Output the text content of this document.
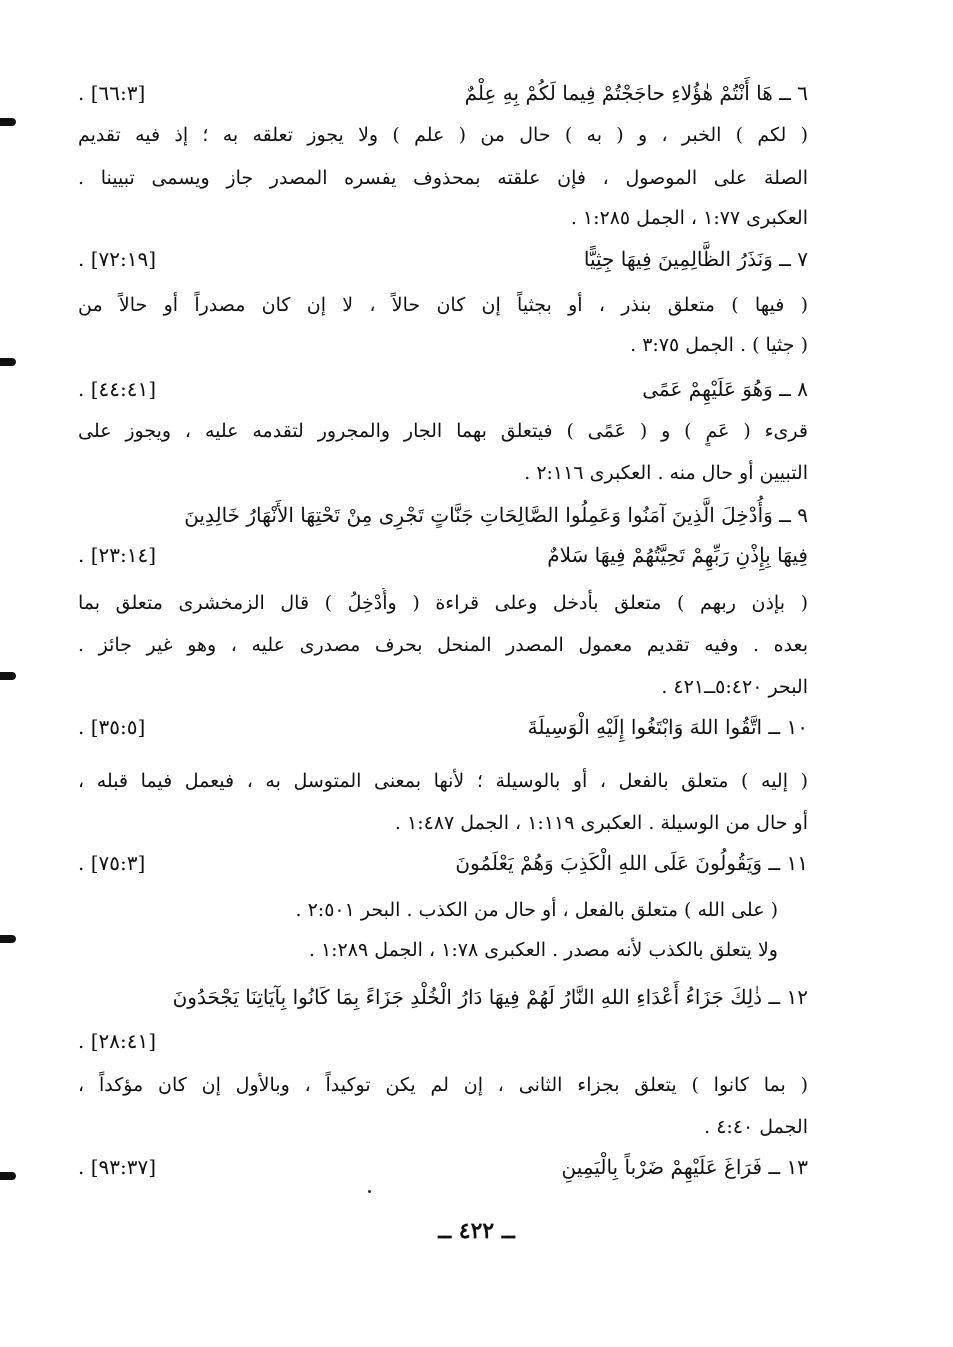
٦ ــ هَا أَنْتُمْ هٰؤُلاءِ حاجَجْتُمْ فِيما لَكُمْ بِهِ عِلْمٌ
. [٦٦:٣]
( لكم ) الخبر ، و ( به ) حال من ( علم ) ولا يجوز تعلقه به ؛ إذ فيه تقديم
الصلة على الموصول ، فإن علقته بمحذوف يفسره المصدر جاز ويسمى تبيينا .
العكبرى ١:٧٧ ، الجمل ١:٢٨٥ .
٧ ــ وَنَذَرُ الظَّالِمِينَ فِيهَا جِثِيًّا
. [٧٢:١٩]
( فيها ) متعلق بنذر ، أو بجثياً إن كان حالاً ، لا إن كان مصدراً أو حالاً من
( جثيا ) . الجمل ٣:٧٥ .
٨ ــ وَهُوَ عَلَيْهِمْ عَمًى
. [٤٤:٤١]
قرىء ( عَمٍ ) و ( عَمًى ) فيتعلق بهما الجار والمجرور لتقدمه عليه ، ويجوز على
التبيين أو حال منه . العكبرى ٢:١١٦ .
٩ ــ وَأُدْخِلَ الَّذِينَ آمَنُوا وَعَمِلُوا الصَّالِحَاتِ جَنَّاتٍ تَجْرِى مِنْ تَحْتِهَا الأَنْهَارُ خَالِدِينَ
فِيهَا بِإِذْنِ رَبِّهِمْ تَحِيَّتُهُمْ فِيهَا سَلامٌ
. [٢٣:١٤]
( بإذن ربهم ) متعلق بأدخل وعلى قراءة ( وأُدْخِلُ ) قال الزمخشرى متعلق بما
بعده . وفيه تقديم معمول المصدر المنحل بحرف مصدرى عليه ، وهو غير جائز .
البحر ٥:٤٢٠ــ٤٢١ .
١٠ ــ اتَّقُوا اللهَ وَابْتَغُوا إِلَيْهِ الْوَسِيلَةَ
. [٣٥:٥]
( إليه ) متعلق بالفعل ، أو بالوسيلة ؛ لأنها بمعنى المتوسل به ، فيعمل فيما قبله ،
أو حال من الوسيلة . العكبرى ١:١١٩ ، الجمل ١:٤٨٧ .
١١ ــ وَيَقُولُونَ عَلَى اللهِ الْكَذِبَ وَهُمْ يَعْلَمُونَ
. [٧٥:٣]
( على الله ) متعلق بالفعل ، أو حال من الكذب . البحر ٢:٥٠١ .
ولا يتعلق بالكذب لأنه مصدر . العكبرى ١:٧٨ ، الجمل ١:٢٨٩ .
١٢ ــ ذٰلِكَ جَزَاءُ أَعْدَاءِ اللهِ النَّارُ لَهُمْ فِيهَا دَارُ الْخُلْدِ جَزَاءً بِمَا كَانُوا بِآيَاتِنَا يَجْحَدُونَ
. [٢٨:٤١]
( بما كانوا ) يتعلق بجزاء الثانى ، إن لم يكن توكيداً ، وبالأول إن كان مؤكداً ،
الجمل ٤:٤٠ .
١٣ ــ فَرَاغَ عَلَيْهِمْ ضَرْباً بِالْيَمِينِ
. [٩٣:٣٧]
ــ ٤٢٢ ــ
